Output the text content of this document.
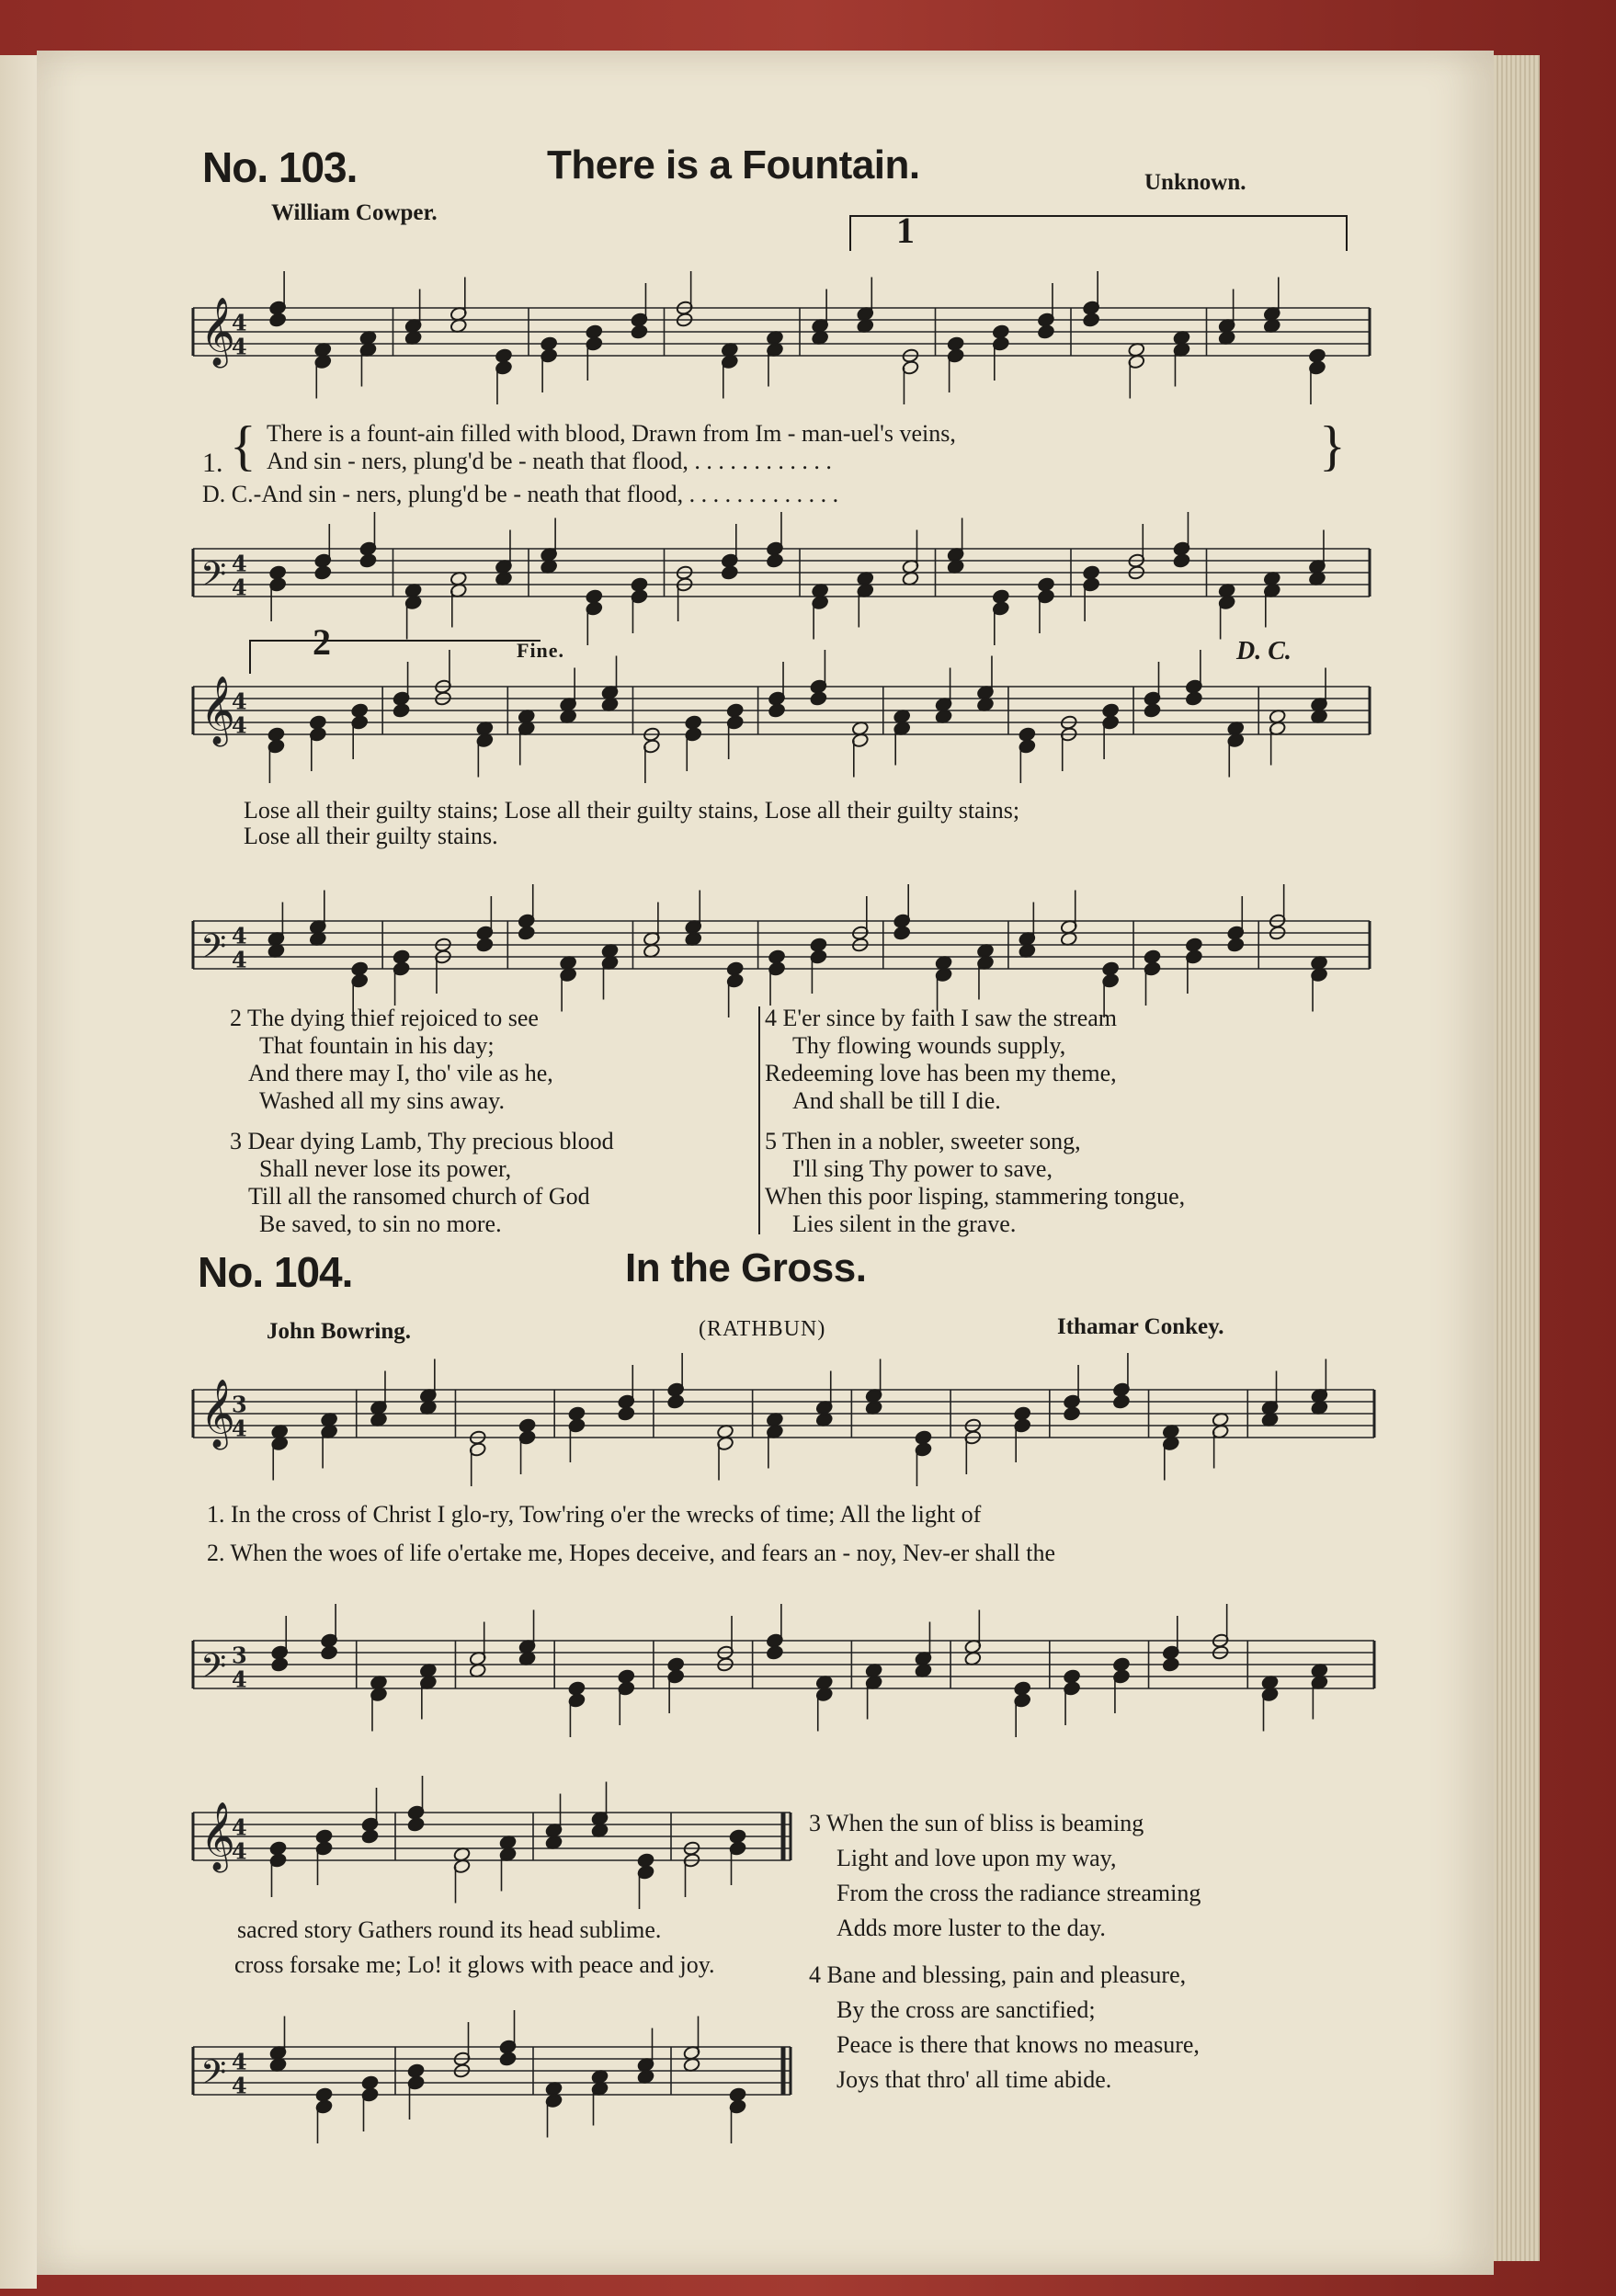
No. 103.	There is a Fountain.	Unknown.
William Cowper.	1
𝄞
4
4
1. {	}
There is a fount-ain filled with blood, Drawn from Im - man-uel's veins,
And sin - ners, plung'd be - neath that flood, . . . . . . . . . . . .
D. C.-And sin - ners, plung'd be - neath that flood, . . . . . . . . . . . . .
𝄢 4
4
2	Fine.	D. C.
𝄞
4
4
Lose all their guilty stains; Lose all their guilty stains, Lose all their guilty stains;
Lose all their guilty stains.
𝄢 4
4
2 The dying thief rejoiced to see
That fountain in his day;
And there may I, tho' vile as he,
Washed all my sins away.
3 Dear dying Lamb, Thy precious blood
Shall never lose its power,
Till all the ransomed church of God
Be saved, to sin no more.
4 E'er since by faith I saw the stream
Thy flowing wounds supply,
Redeeming love has been my theme,
And shall be till I die.
5 Then in a nobler, sweeter song,
I'll sing Thy power to save,
When this poor lisping, stammering tongue,
Lies silent in the grave.
No. 104.	In the Gross.
John Bowring.	(RATHBUN)	Ithamar Conkey.
𝄞
3
4
1. In the cross of Christ I glo-ry, Tow'ring o'er the wrecks of time; All the light of
2. When the woes of life o'ertake me, Hopes deceive, and fears an - noy, Nev-er shall the
𝄢 3
4
𝄞
4
4
sacred story Gathers round its head sublime.
cross forsake me; Lo! it glows with peace and joy.
𝄢 4
4
3 When the sun of bliss is beaming
Light and love upon my way,
From the cross the radiance streaming
Adds more luster to the day.
4 Bane and blessing, pain and pleasure,
By the cross are sanctified;
Peace is there that knows no measure,
Joys that thro' all time abide.
